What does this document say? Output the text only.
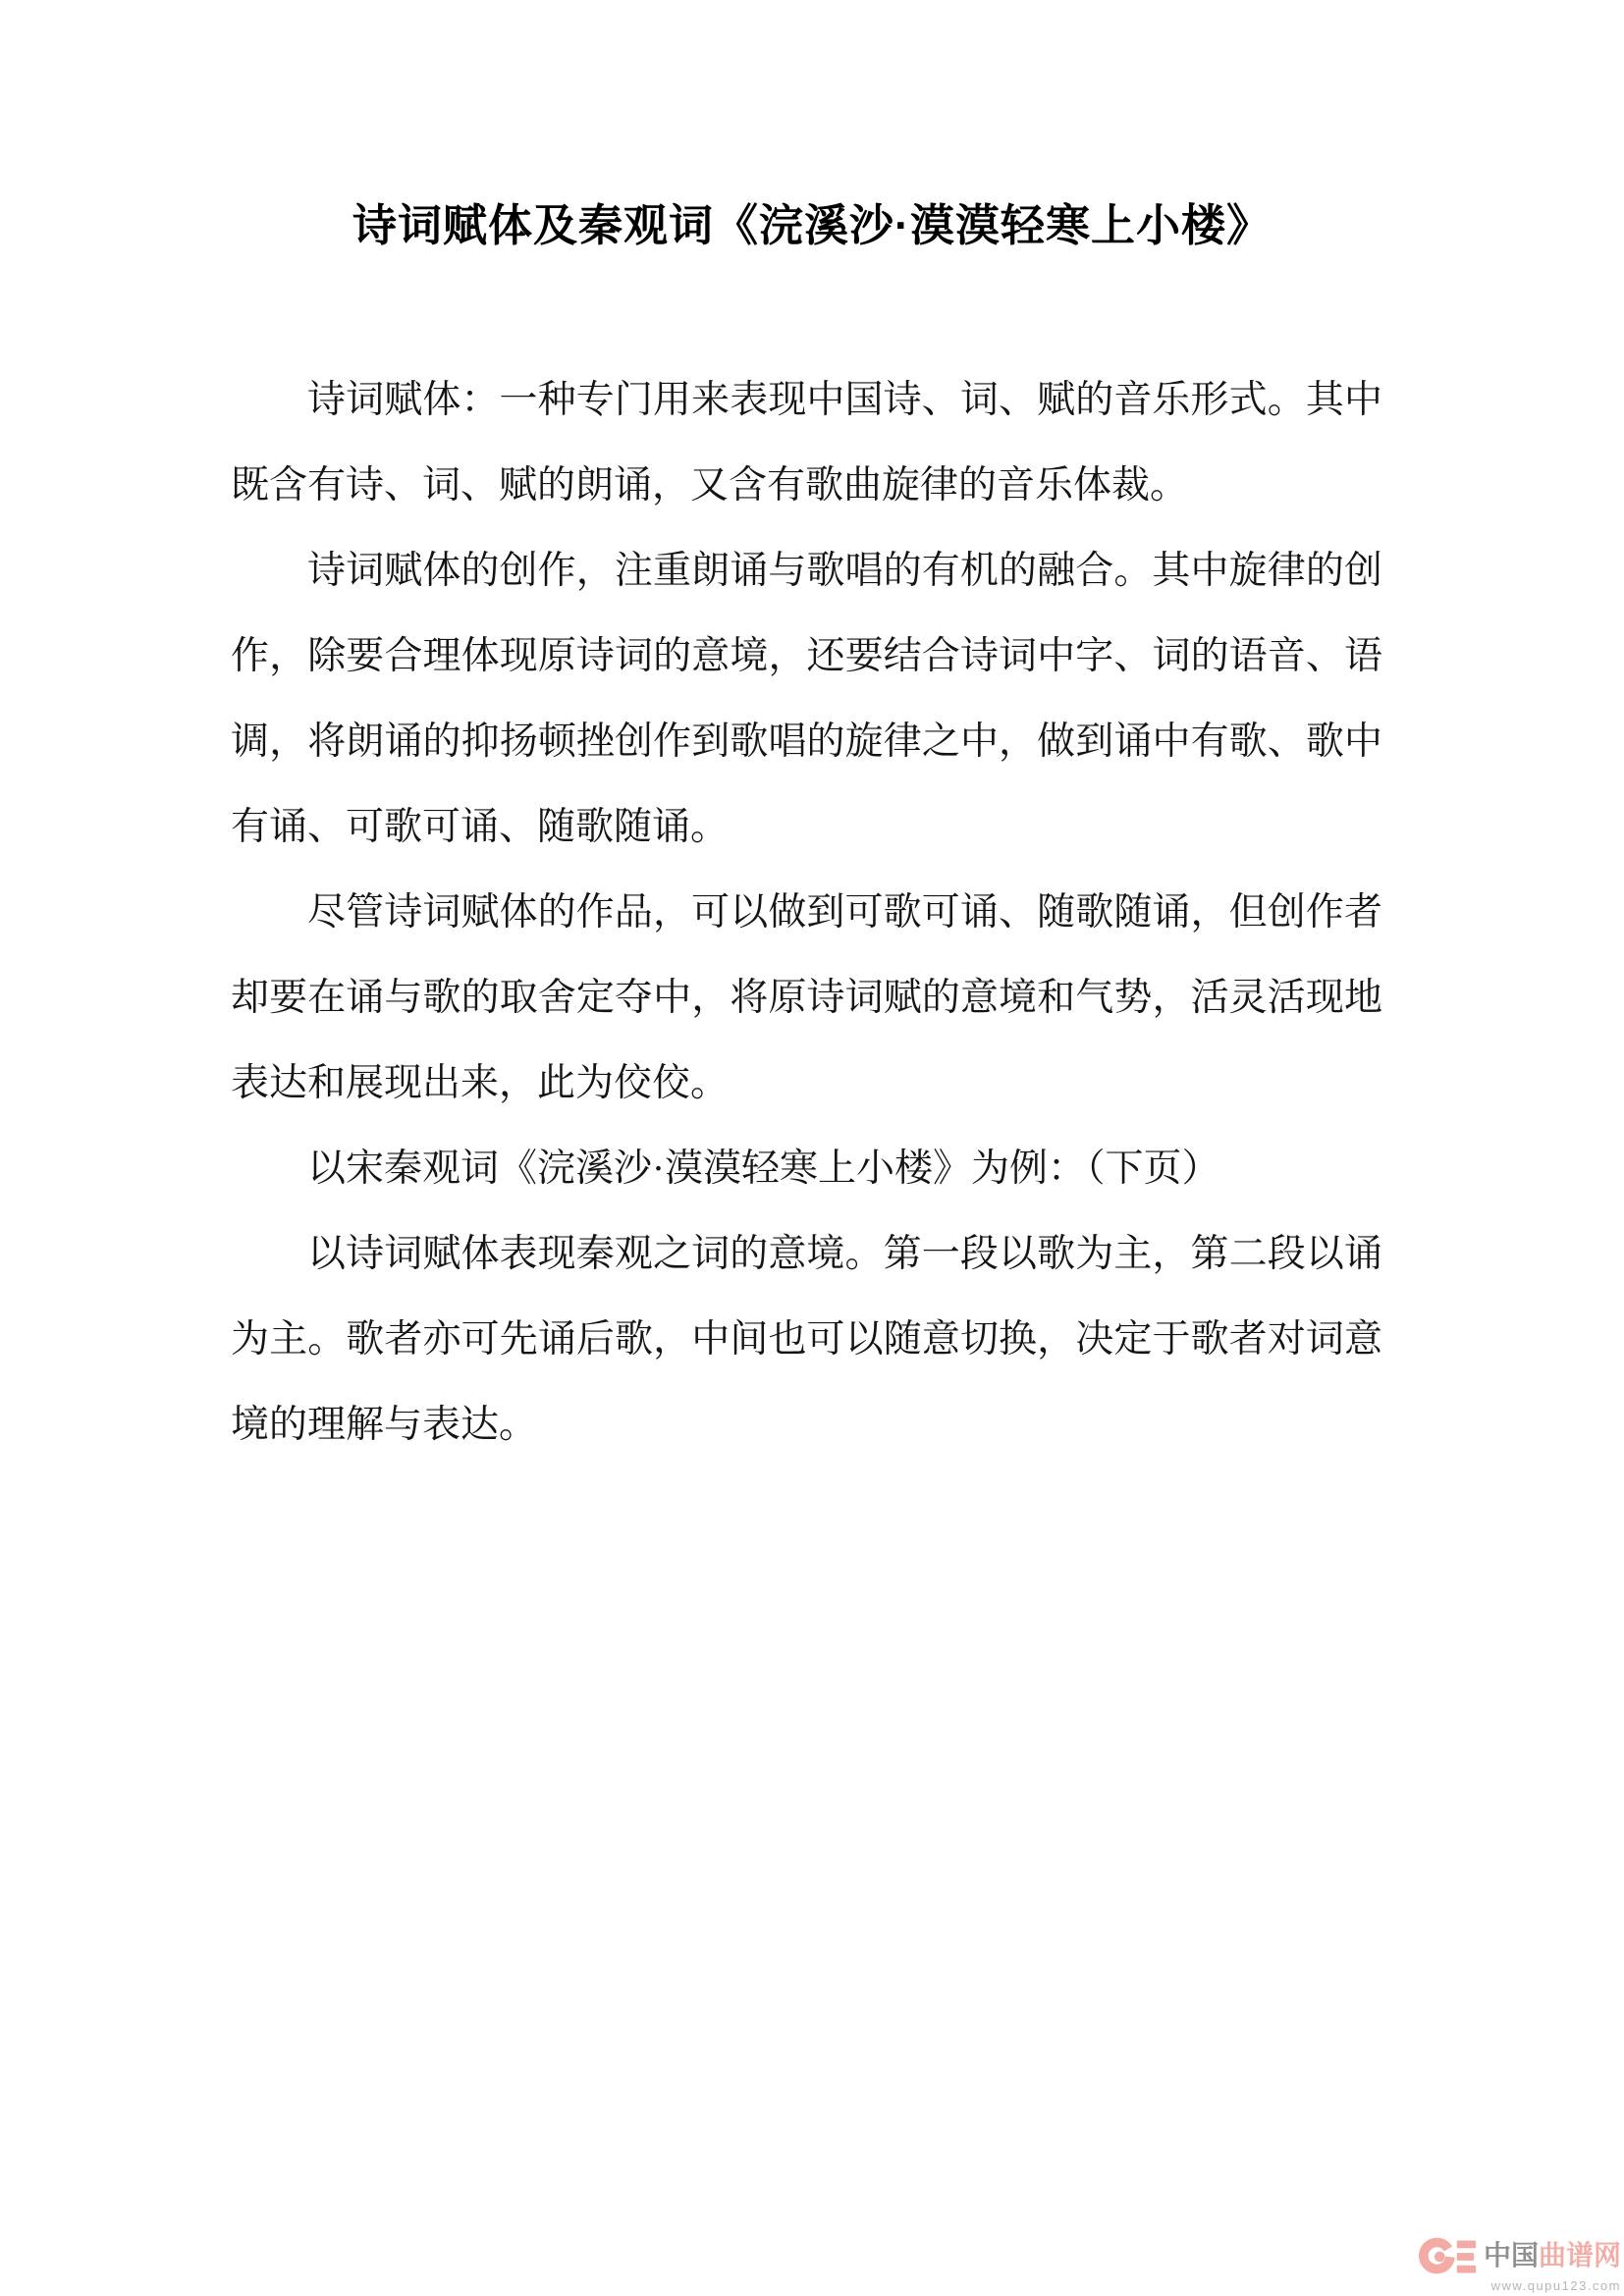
诗词赋体及秦观词《浣溪沙·漠漠轻寒上小楼》

诗词赋体：一种专门用来表现中国诗、词、赋的音乐形式。其中既含有诗、词、赋的朗诵，又含有歌曲旋律的音乐体裁。

诗词赋体的创作，注重朗诵与歌唱的有机的融合。其中旋律的创作，除要合理体现原诗词的意境，还要结合诗词中字、词的语音、语调，将朗诵的抑扬顿挫创作到歌唱的旋律之中，做到诵中有歌、歌中有诵、可歌可诵、随歌随诵。

尽管诗词赋体的作品，可以做到可歌可诵、随歌随诵，但创作者却要在诵与歌的取舍定夺中，将原诗词赋的意境和气势，活灵活现地表达和展现出来，此为佼佼。

以宋秦观词《浣溪沙·漠漠轻寒上小楼》为例：（下页）

以诗词赋体表现秦观之词的意境。第一段以歌为主，第二段以诵为主。歌者亦可先诵后歌，中间也可以随意切换，决定于歌者对词意境的理解与表达。

中国曲谱网
www.qupu123.com
